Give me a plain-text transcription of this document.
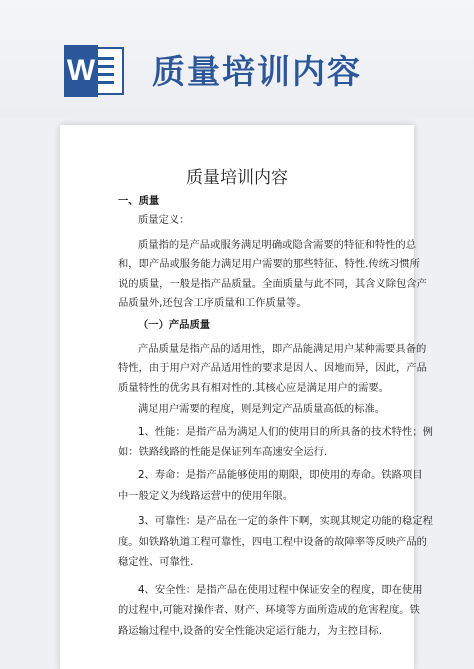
W 质量培训内容
质量培训内容
一、质量
质量定义：
质量指的是产品或服务满足明确或隐含需要的特征和特性的总
和，即产品或服务能力满足用户需要的那些特征、特性.传统习惯所
说的质量，一般是指产品质量。全面质量与此不同，其含义除包含产
品质量外,还包含工序质量和工作质量等。
（一）产品质量
产品质量是指产品的适用性，即产品能满足用户某种需要具备的
特性，由于用户对产品适用性的要求是因人、因地而异，因此，产品
质量特性的优劣具有相对性的.其核心应是满足用户的需要。
满足用户需要的程度，则是判定产品质量高低的标准。
1、性能：是指产品为满足人们的使用目的所具备的技术特性；例
如：铁路线路的性能是保证列车高速安全运行.
2、寿命：是指产品能够使用的期限，即使用的寿命。铁路项目
中一般定义为线路运营中的使用年限。
3、可靠性：是产品在一定的条件下啊，实现其规定功能的稳定程
度。如铁路轨道工程可靠性，四电工程中设备的故障率等反映产品的
稳定性、可靠性.
4、安全性：是指产品在使用过程中保证安全的程度，即在使用
的过程中,可能对操作者、财产、环境等方面所造成的危害程度。铁
路运输过程中,设备的安全性能决定运行能力，为主控目标.
